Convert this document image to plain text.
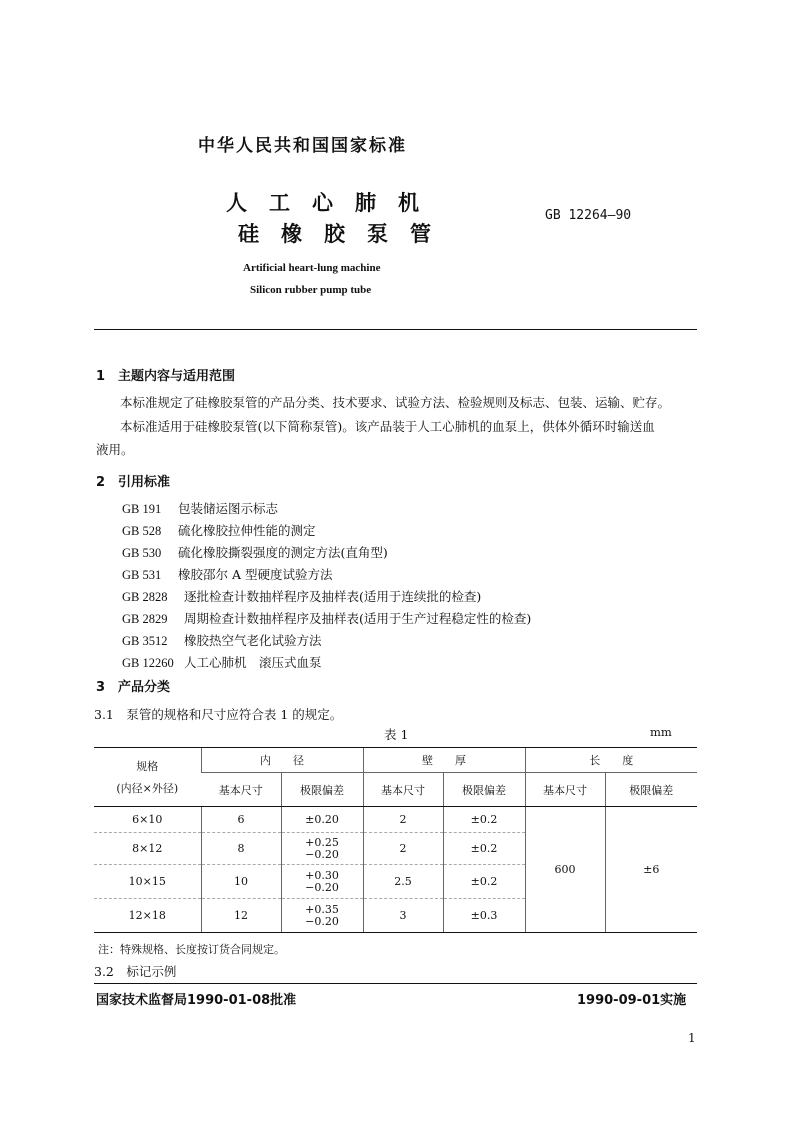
中华人民共和国国家标准
人工心肺机
硅橡胶泵管
GB 12264—90
Artificial heart-lung machine
Silicon rubber pump tube
1　主题内容与适用范围
本标准规定了硅橡胶泵管的产品分类、技术要求、试验方法、检验规则及标志、包装、运输、贮存。
本标准适用于硅橡胶泵管(以下简称泵管)。该产品装于人工心肺机的血泵上，供体外循环时输送血
液用。
2　引用标准
GB 191 包装储运图示标志
GB 528 硫化橡胶拉伸性能的测定
GB 530 硫化橡胶撕裂强度的测定方法(直角型)
GB 531 橡胶邵尔 A 型硬度试验方法
GB 2828 逐批检查计数抽样程序及抽样表(适用于连续批的检查)
GB 2829 周期检查计数抽样程序及抽样表(适用于生产过程稳定性的检查)
GB 3512 橡胶热空气老化试验方法
GB 12260 人工心肺机　滚压式血泵
3　产品分类
3.1　泵管的规格和尺寸应符合表 1 的规定。
表 1	mm
规格
(内径×外径)	内　　径		壁　　厚		长　　度	
	基本尺寸	极限偏差	基本尺寸	极限偏差	基本尺寸	极限偏差
6×10	6	±0.20	2	±0.2	600	±6
8×12	8	+0.25
−0.20	2	±0.2		
10×15	10	+0.30
−0.20	2.5	±0.2		
12×18	12	+0.35
−0.20	3	±0.3		
注：特殊规格、长度按订货合同规定。
3.2　标记示例
国家技术监督局1990-01-08批准	1990-09-01实施
1
